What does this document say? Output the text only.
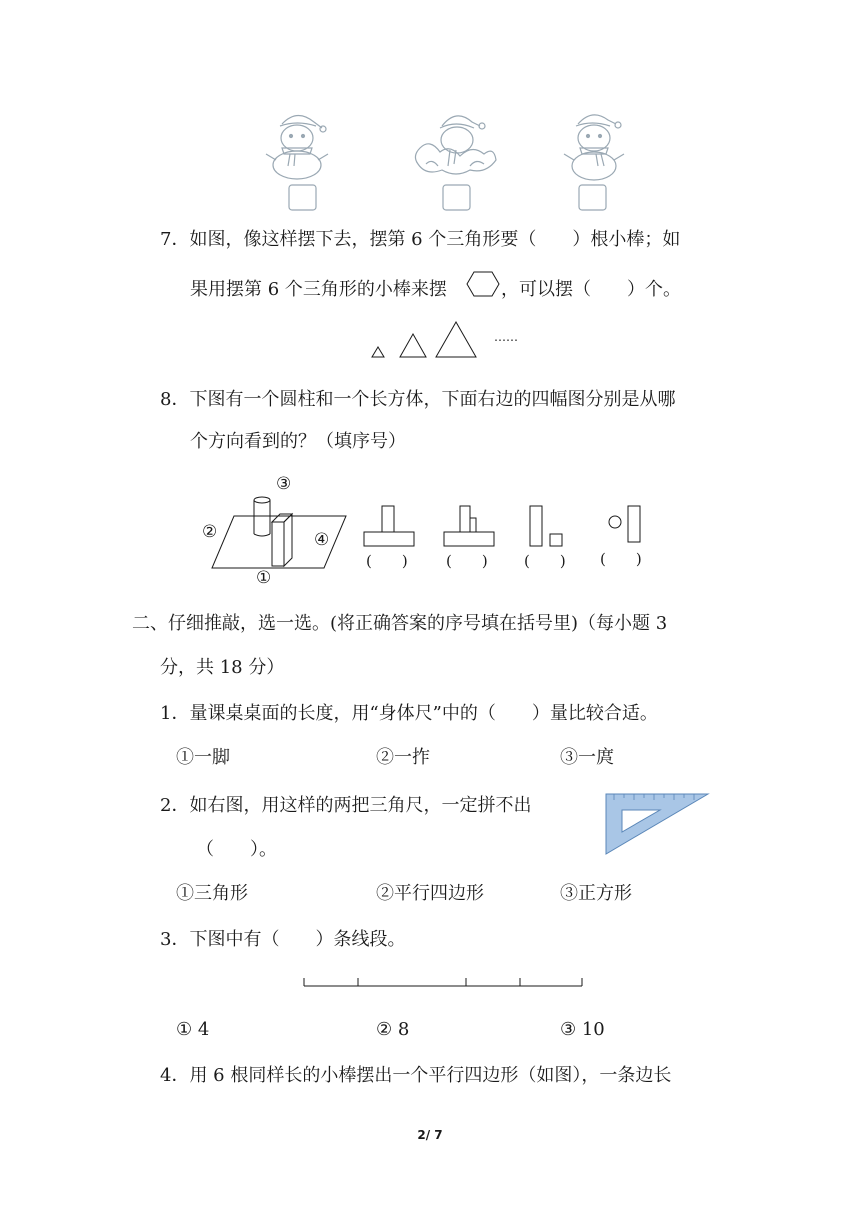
7．如图，像这样摆下去，摆第 6 个三角形要（　　）根小棒；如
果用摆第 6 个三角形的小棒来摆	，可以摆（　　）个。
……
8．下图有一个圆柱和一个长方体，下面右边的四幅图分别是从哪
个方向看到的？（填序号）
③
②	④
①
(　　)	(　　) (　　) (　　)
二、仔细推敲，选一选。(将正确答案的序号填在括号里)（每小题 3
分，共 18 分）
1．量课桌桌面的长度，用“身体尺”中的（　　）量比较合适。
①一脚	②一拃	③一庹
2．如右图，用这样的两把三角尺，一定拼不出
（　　）。
①三角形	②平行四边形	③正方形
3．下图中有（　　）条线段。
① 4	② 8	③ 10
4．用 6 根同样长的小棒摆出一个平行四边形（如图），一条边长
2/ 7
